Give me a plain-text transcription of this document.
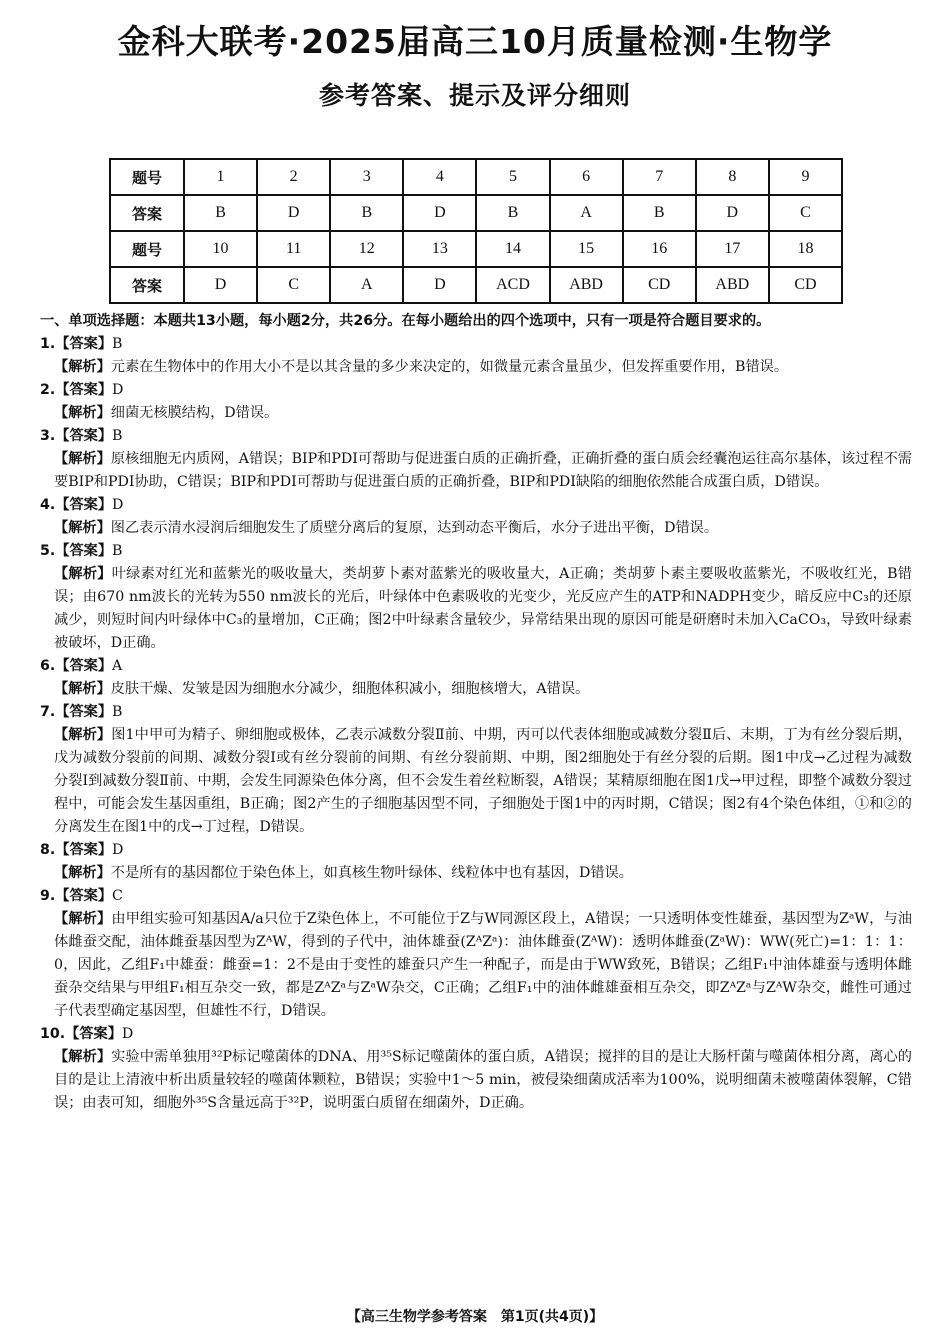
金科大联考·2025届高三10月质量检测·生物学
参考答案、提示及评分细则
题号	1	2	3	4	5	6	7	8	9
答案	B	D	B	D	B	A	B	D	C
题号	10	11	12	13	14	15	16	17	18
答案	D	C	A	D	ACD	ABD	CD	ABD	CD
一、单项选择题：本题共13小题，每小题2分，共26分。在每小题给出的四个选项中，只有一项是符合题目要求的。
1.【答案】B
【解析】元素在生物体中的作用大小不是以其含量的多少来决定的，如微量元素含量虽少，但发挥重要作用，B错误。
2.【答案】D
【解析】细菌无核膜结构，D错误。
3.【答案】B
【解析】原核细胞无内质网，A错误；BIP和PDI可帮助与促进蛋白质的正确折叠，正确折叠的蛋白质会经囊泡运往高尔基体，该过程不需要BIP和PDI协助，C错误；BIP和PDI可帮助与促进蛋白质的正确折叠，BIP和PDI缺陷的细胞依然能合成蛋白质，D错误。
4.【答案】D
【解析】图乙表示清水浸润后细胞发生了质壁分离后的复原，达到动态平衡后，水分子进出平衡，D错误。
5.【答案】B
【解析】叶绿素对红光和蓝紫光的吸收量大，类胡萝卜素对蓝紫光的吸收量大，A正确；类胡萝卜素主要吸收蓝紫光，不吸收红光，B错误；由670 nm波长的光转为550 nm波长的光后，叶绿体中色素吸收的光变少，光反应产生的ATP和NADPH变少，暗反应中C₃的还原减少，则短时间内叶绿体中C₃的量增加，C正确；图2中叶绿素含量较少，异常结果出现的原因可能是研磨时未加入CaCO₃，导致叶绿素被破坏，D正确。
6.【答案】A
【解析】皮肤干燥、发皱是因为细胞水分减少，细胞体积减小，细胞核增大，A错误。
7.【答案】B
【解析】图1中甲可为精子、卵细胞或极体，乙表示减数分裂Ⅱ前、中期，丙可以代表体细胞或减数分裂Ⅱ后、末期，丁为有丝分裂后期，戊为减数分裂前的间期、减数分裂Ⅰ或有丝分裂前的间期、有丝分裂前期、中期，图2细胞处于有丝分裂的后期。图1中戊→乙过程为减数分裂Ⅰ到减数分裂Ⅱ前、中期，会发生同源染色体分离，但不会发生着丝粒断裂，A错误；某精原细胞在图1戊→甲过程，即整个减数分裂过程中，可能会发生基因重组，B正确；图2产生的子细胞基因型不同，子细胞处于图1中的丙时期，C错误；图2有4个染色体组，①和②的分离发生在图1中的戊→丁过程，D错误。
8.【答案】D
【解析】不是所有的基因都位于染色体上，如真核生物叶绿体、线粒体中也有基因，D错误。
9.【答案】C
【解析】由甲组实验可知基因A/a只位于Z染色体上，不可能位于Z与W同源区段上，A错误；一只透明体变性雄蚕，基因型为ZᵃW，与油体雌蚕交配，油体雌蚕基因型为ZᴬW，得到的子代中，油体雄蚕(ZᴬZᵃ)：油体雌蚕(ZᴬW)：透明体雌蚕(ZᵃW)：WW(死亡)=1：1：1：0，因此，乙组F₁中雄蚕：雌蚕=1：2不是由于变性的雄蚕只产生一种配子，而是由于WW致死，B错误；乙组F₁中油体雄蚕与透明体雌蚕杂交结果与甲组F₁相互杂交一致，都是ZᴬZᵃ与ZᵃW杂交，C正确；乙组F₁中的油体雌雄蚕相互杂交，即ZᴬZᵃ与ZᴬW杂交，雌性可通过子代表型确定基因型，但雄性不行，D错误。
10.【答案】D
【解析】实验中需单独用³²P标记噬菌体的DNA、用³⁵S标记噬菌体的蛋白质，A错误；搅拌的目的是让大肠杆菌与噬菌体相分离，离心的目的是让上清液中析出质量较轻的噬菌体颗粒，B错误；实验中1～5 min，被侵染细菌成活率为100%，说明细菌未被噬菌体裂解，C错误；由表可知，细胞外³⁵S含量远高于³²P，说明蛋白质留在细菌外，D正确。
【高三生物学参考答案　第1页(共4页)】
